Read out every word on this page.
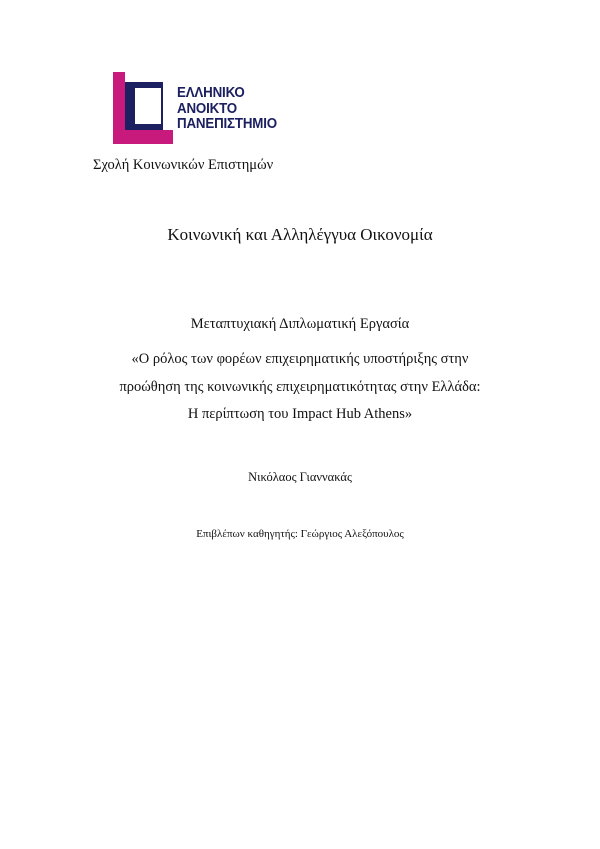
ΕΛΛΗΝΙΚΟ
ΑΝΟΙΚΤΟ
ΠΑΝΕΠΙΣΤΗΜΙΟ
Σχολή Κοινωνικών Επιστημών
Κοινωνική και Αλληλέγγυα Οικονομία
Μεταπτυχιακή Διπλωματική Εργασία
«Ο ρόλος των φορέων επιχειρηματικής υποστήριξης στην
προώθηση της κοινωνικής επιχειρηματικότητας στην Ελλάδα:
Η περίπτωση του Impact Hub Athens»
Νικόλαος Γιαννακάς
Επιβλέπων καθηγητής: Γεώργιος Αλεξόπουλος
